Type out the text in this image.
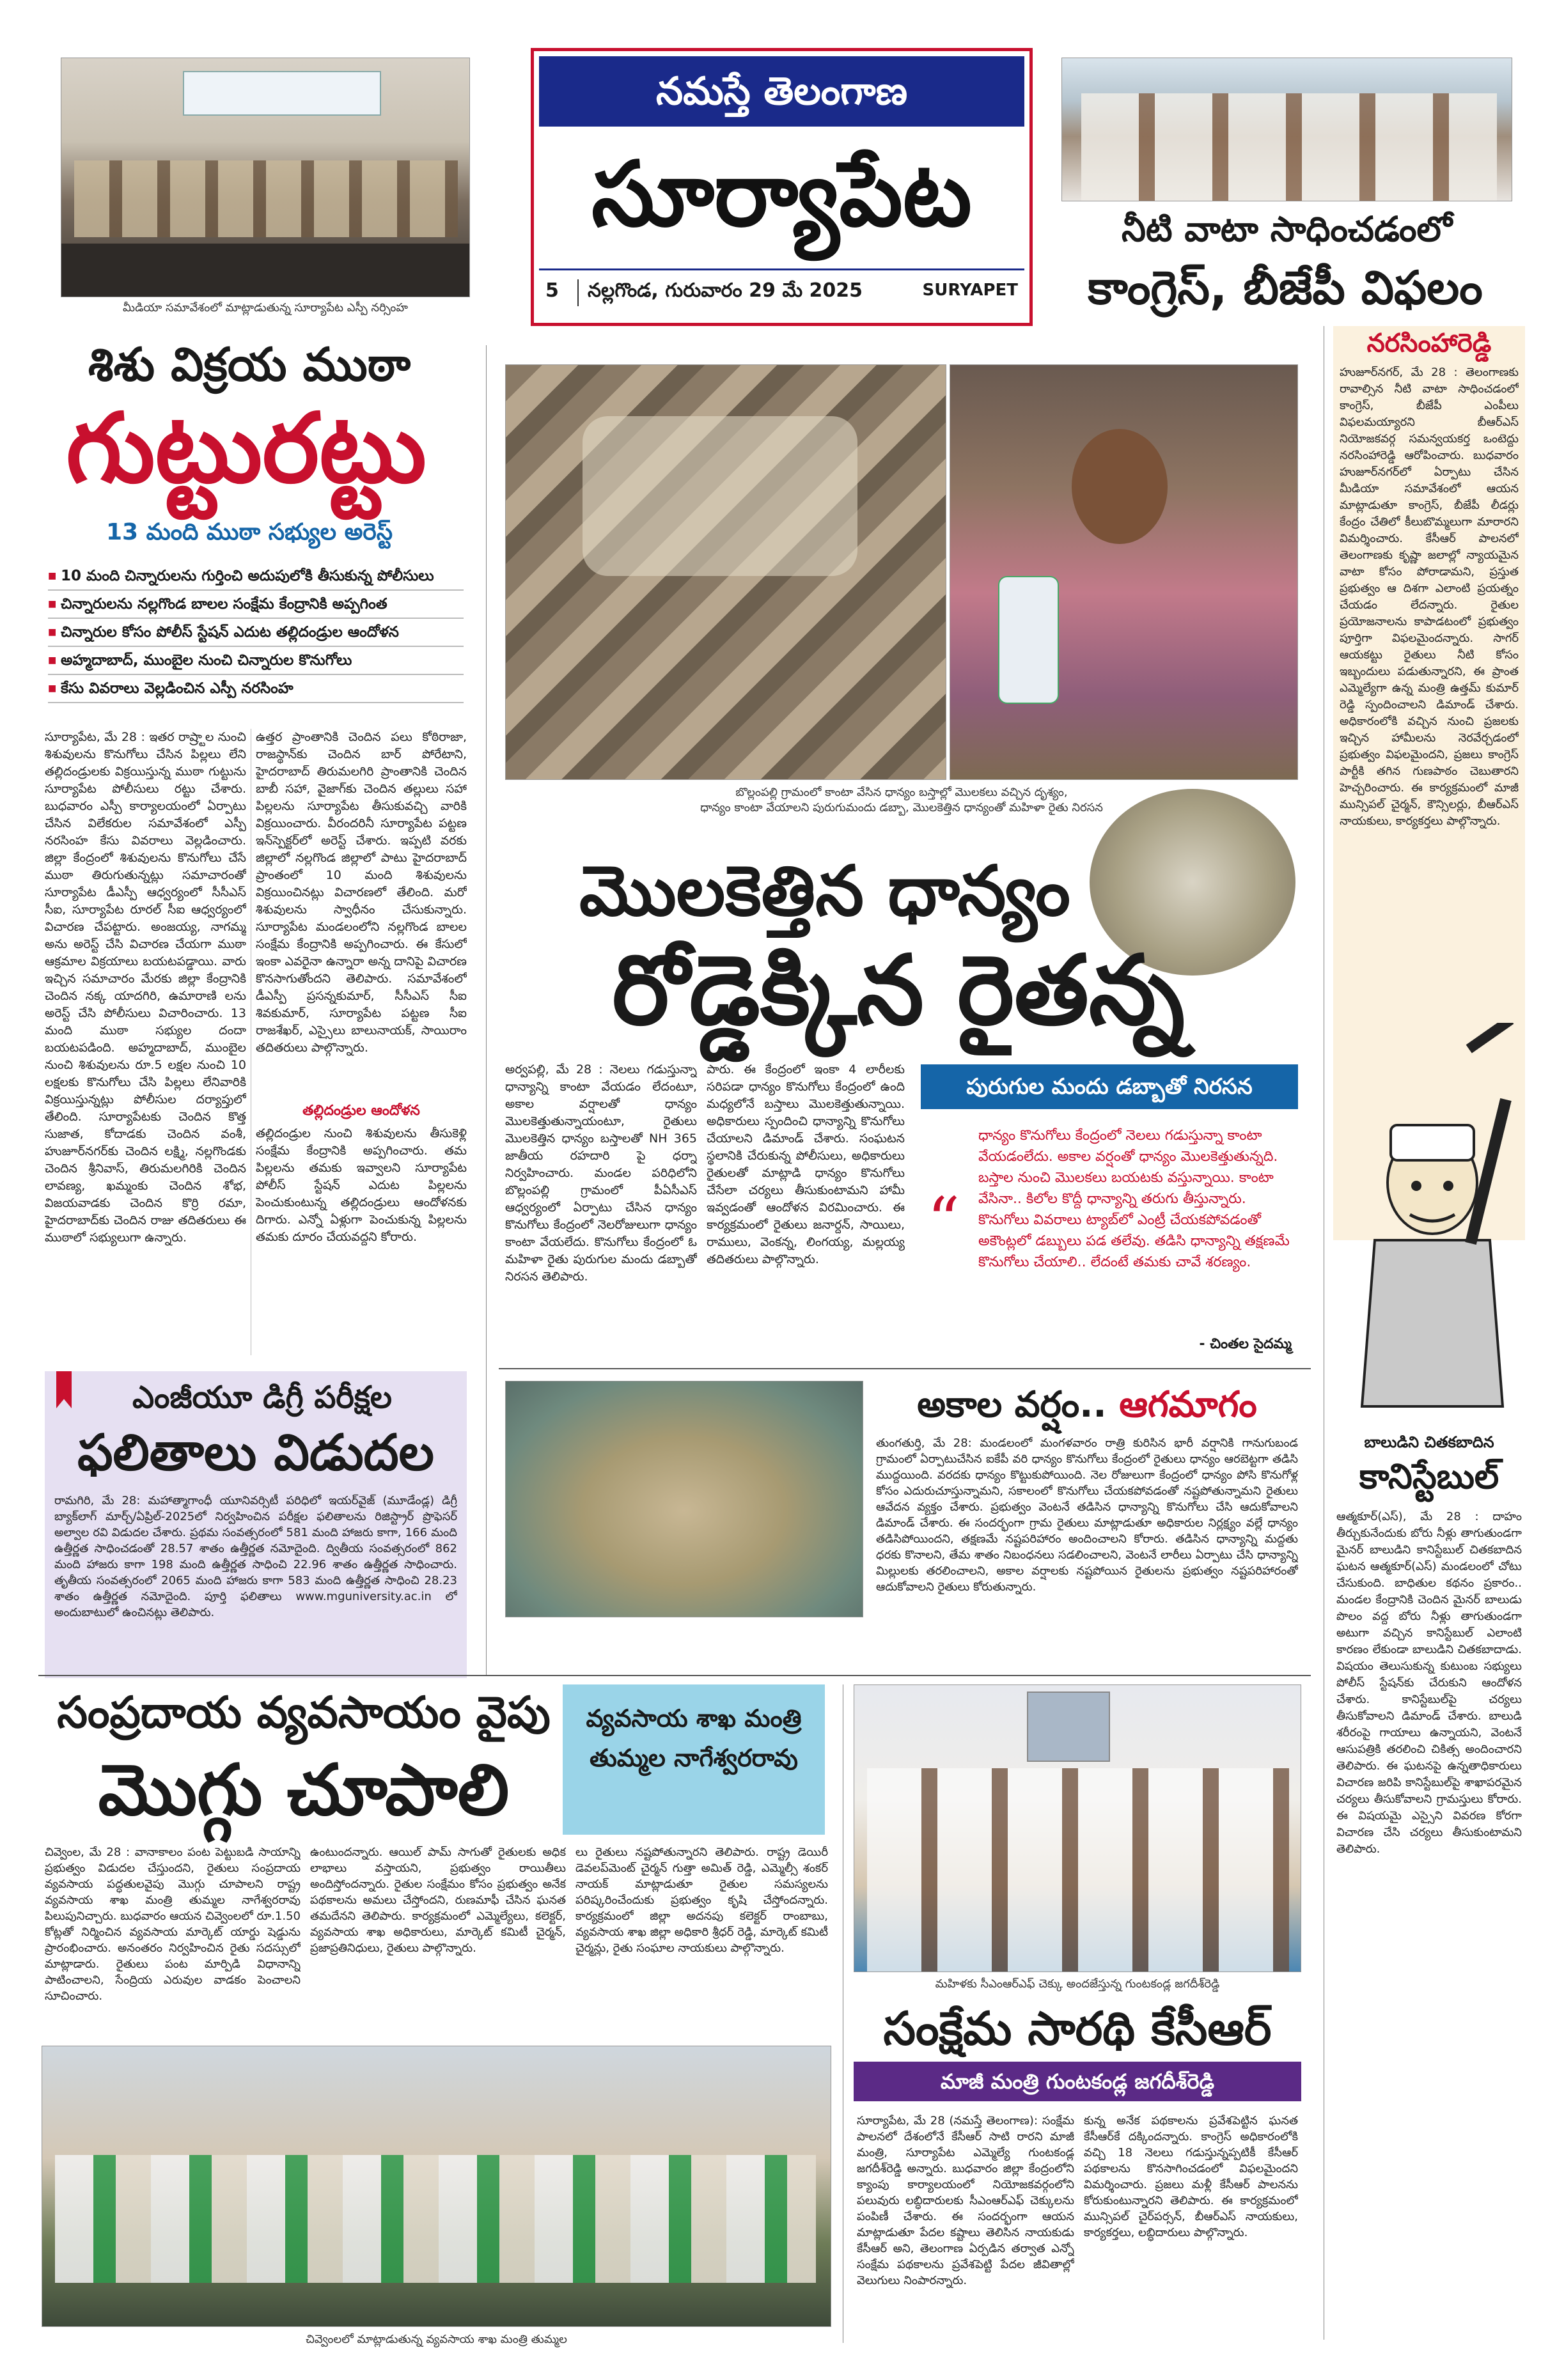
మీడియా సమావేశంలో మాట్లాడుతున్న సూర్యాపేట ఎస్పీ నర్సింహ
శిశు విక్రయ ముఠా
గుట్టురట్టు
13 మంది ముఠా సభ్యుల అరెస్ట్
■ 10 మంది చిన్నారులను గుర్తించి అదుపులోకి తీసుకున్న పోలీసులు
■ చిన్నారులను నల్లగొండ బాలల సంక్షేమ కేంద్రానికి అప్పగింత
■ చిన్నారుల కోసం పోలీస్ స్టేషన్ ఎదుట తల్లిదండ్రుల ఆందోళన
■ అహ్మదాబాద్, ముంబైల నుంచి చిన్నారుల కొనుగోలు
■ కేసు వివరాలు వెల్లడించిన ఎస్పీ నరసింహ
సూర్యాపేట, మే 28 : ఇతర రాష్ర్టాల నుంచి శిశువులను కొనుగోలు చేసిన పిల్లలు లేని తల్లిదండ్రులకు విక్రయిస్తున్న ముఠా గుట్టును సూర్యాపేట పోలీసులు రట్టు చేశారు. బుధవారం ఎస్పీ కార్యాలయంలో ఏర్పాటు చేసిన విలేకరుల సమావేశంలో ఎస్పీ నరసింహ కేసు వివరాలు వెల్లడించారు. జిల్లా కేంద్రంలో శిశువులను కొనుగోలు చేసే ముఠా తిరుగుతున్నట్లు సమాచారంతో సూర్యాపేట డీఎస్పీ ఆధ్వర్యంలో సీసీఎస్ సీఐ, సూర్యాపేట రూరల్ సీఐ ఆధ్వర్యంలో విచారణ చేపట్టారు. అంజయ్య, నాగమ్మ అను అరెస్ట్ చేసి విచారణ చేయగా ముఠా ఆక్రమాల విక్రయాలు బయటపడ్డాయి. వారు ఇచ్చిన సమాచారం మేరకు జిల్లా కేంద్రానికి చెందిన నక్క యాదగిరి, ఉమారాణి లను అరెస్ట్ చేసి పోలీసులు విచారించారు. 13 మంది ముఠా సభ్యుల దందా బయటపడింది. అహ్మదాబాద్, ముంబైల నుంచి శిశువులను రూ.5 లక్షల నుంచి 10 లక్షలకు కొనుగోలు చేసి పిల్లలు లేనివారికి విక్రయిస్తున్నట్లు పోలీసుల దర్యాప్తులో తేలింది. సూర్యాపేటకు చెందిన కొత్త సుజాత, కోదాడకు చెందిన వంశీ, హుజూర్‌నగర్‌కు చెందిన లక్ష్మి, నల్లగొండకు చెందిన శ్రీనివాస్, తిరుమలగిరికి చెందిన లావణ్య, ఖమ్మంకు చెందిన శోభ, విజయవాడకు చెందిన కొర్రి రమా, హైదరాబాద్‌కు చెందిన రాజు తదితరులు ఈ ముఠాలో సభ్యులుగా ఉన్నారు.
ఉత్తర ప్రాంతానికి చెందిన పలు కోఠిరాజా, రాజస్థాన్‌కు చెందిన బార్ పోరేటాని, హైదరాబాద్ తిరుమలగిరి ప్రాంతానికి చెందిన బాబీ సహా, వైజాగ్‌కు చెందిన తల్లులు సహా పిల్లలను సూర్యాపేట తీసుకువచ్చి వారికి విక్రయించారు. వీరందరినీ సూర్యాపేట పట్టణ ఇన్‌స్పెక్టర్‌లో అరెస్ట్ చేశారు. ఇప్పటి వరకు జిల్లాలో నల్లగొండ జిల్లాలో పాటు హైదరాబాద్ ప్రాంతంలో 10 మంది శిశువులను విక్రయించినట్లు విచారణలో తేలింది. మరో శిశువులను స్వాధీనం చేసుకున్నారు. సూర్యాపేట మండలంలోని నల్లగొండ బాలల సంక్షేమ కేంద్రానికి అప్పగించారు. ఈ కేసులో ఇంకా ఎవరైనా ఉన్నారా అన్న దానిపై విచారణ కొనసాగుతోందని తెలిపారు. సమావేశంలో డీఎస్పీ ప్రసన్నకుమార్, సీసీఎస్ సీఐ శివకుమార్, సూర్యాపేట పట్టణ సీఐ రాజశేఖర్, ఎస్సైలు బాలునాయక్, సాయిరాం తదితరులు పాల్గొన్నారు.
తల్లిదండ్రుల ఆందోళన
తల్లిదండ్రుల నుంచి శిశువులను తీసుకెళ్లి సంక్షేమ కేంద్రానికి అప్పగించారు. తమ పిల్లలను తమకు ఇవ్వాలని సూర్యాపేట పోలీస్ స్టేషన్ ఎదుట పిల్లలను పెంచుకుంటున్న తల్లిదండ్రులు ఆందోళనకు దిగారు. ఎన్నో ఏళ్లుగా పెంచుకున్న పిల్లలను తమకు దూరం చేయవద్దని కోరారు.
నమస్తే తెలంగాణ
సూర్యాపేట
5	నల్లగొండ, గురువారం 29 మే 2025	SURYAPET
నీటి వాటా సాధించడంలో
కాంగ్రెస్, బీజేపీ విఫలం
నరసింహారెడ్డి
హుజూర్‌నగర్, మే 28 : తెలంగాణకు రావాల్సిన నీటి వాటా సాధించడంలో కాంగ్రెస్, బీజేపీ ఎంపీలు విఫలమయ్యారని బీఆర్ఎస్ నియోజకవర్గ సమన్వయకర్త ఒంటెద్దు నరసింహారెడ్డి ఆరోపించారు. బుధవారం హుజూర్‌నగర్‌లో ఏర్పాటు చేసిన మీడియా సమావేశంలో ఆయన మాట్లాడుతూ కాంగ్రెస్, బీజేపీ లీడర్లు కేంద్రం చేతిలో కీలుబొమ్మలుగా మారారని విమర్శించారు. కేసీఆర్ పాలనలో తెలంగాణకు కృష్ణా జలాల్లో న్యాయమైన వాటా కోసం పోరాడామని, ప్రస్తుత ప్రభుత్వం ఆ దిశగా ఎలాంటి ప్రయత్నం చేయడం లేదన్నారు. రైతుల ప్రయోజనాలను కాపాడటంలో ప్రభుత్వం పూర్తిగా విఫలమైందన్నారు. సాగర్ ఆయకట్టు రైతులు నీటి కోసం ఇబ్బందులు పడుతున్నారని, ఈ ప్రాంత ఎమ్మెల్యేగా ఉన్న మంత్రి ఉత్తమ్ కుమార్ రెడ్డి స్పందించాలని డిమాండ్ చేశారు. అధికారంలోకి వచ్చిన నుంచి ప్రజలకు ఇచ్చిన హామీలను నెరవేర్చడంలో ప్రభుత్వం విఫలమైందని, ప్రజలు కాంగ్రెస్ పార్టీకి తగిన గుణపాఠం చెబుతారని హెచ్చరించారు. ఈ కార్యక్రమంలో మాజీ మున్సిపల్ చైర్మన్, కౌన్సిలర్లు, బీఆర్ఎస్ నాయకులు, కార్యకర్తలు పాల్గొన్నారు.
బాలుడిని చితకబాదిన
కానిస్టేబుల్
ఆత్మకూర్(ఎస్), మే 28 : దాహం తీర్చుకునేందుకు బోరు నీళ్లు తాగుతుండగా మైనర్ బాలుడిని కానిస్టేబుల్ చితకబాదిన ఘటన ఆత్మకూర్(ఎస్) మండలంలో చోటు చేసుకుంది. బాధితుల కథనం ప్రకారం.. మండల కేంద్రానికి చెందిన మైనర్ బాలుడు పొలం వద్ద బోరు నీళ్లు తాగుతుండగా అటుగా వచ్చిన కానిస్టేబుల్ ఎలాంటి కారణం లేకుండా బాలుడిని చితకబాదాడు. విషయం తెలుసుకున్న కుటుంబ సభ్యులు పోలీస్ స్టేషన్‌కు చేరుకుని ఆందోళన చేశారు. కానిస్టేబుల్‌పై చర్యలు తీసుకోవాలని డిమాండ్ చేశారు. బాలుడి శరీరంపై గాయాలు ఉన్నాయని, వెంటనే ఆసుపత్రికి తరలించి చికిత్స అందించారని తెలిపారు. ఈ ఘటనపై ఉన్నతాధికారులు విచారణ జరిపి కానిస్టేబుల్‌పై శాఖాపరమైన చర్యలు తీసుకోవాలని గ్రామస్తులు కోరారు. ఈ విషయమై ఎస్సైని వివరణ కోరగా విచారణ చేసి చర్యలు తీసుకుంటామని తెలిపారు.
బొల్లంపల్లి గ్రామంలో కాంటా వేసిన ధాన్యం బస్తాల్లో మొలకలు వచ్చిన దృశ్యం,
ధాన్యం కాంటా వేయాలని పురుగుమందు డబ్బా, మొలకెత్తిన ధాన్యంతో మహిళా రైతు నిరసన
మొలకెత్తిన ధాన్యం
రోడ్డెక్కిన రైతన్న
అర్వపల్లి, మే 28 : నెలలు గడుస్తున్నా ధాన్యాన్ని కాంటా వేయడం లేదంటూ, అకాల వర్షాలతో ధాన్యం మొలకెత్తుతున్నాయంటూ, రైతులు మొలకెత్తిన ధాన్యం బస్తాలతో NH 365 జాతీయ రహదారి పై ధర్నా నిర్వహించారు. మండల పరిధిలోని బొల్లంపల్లి గ్రామంలో పీఏసీఎస్ ఆధ్వర్యంలో ఏర్పాటు చేసిన ధాన్యం కొనుగోలు కేంద్రంలో నెలరోజులుగా ధాన్యం కాంటా వేయలేదు. కొనుగోలు కేంద్రంలో ఓ మహిళా రైతు పురుగుల మందు డబ్బాతో నిరసన తెలిపారు.
పారు. ఈ కేంద్రంలో ఇంకా 4 లారీలకు సరిపడా ధాన్యం కొనుగోలు కేంద్రంలో ఉంది మధ్యలోనే బస్తాలు మొలకెత్తుతున్నాయి. అధికారులు స్పందించి ధాన్యాన్ని కొనుగోలు చేయాలని డిమాండ్ చేశారు. సంఘటన స్థలానికి చేరుకున్న పోలీసులు, అధికారులు రైతులతో మాట్లాడి ధాన్యం కొనుగోలు చేసేలా చర్యలు తీసుకుంటామని హామీ ఇవ్వడంతో ఆందోళన విరమించారు. ఈ కార్యక్రమంలో రైతులు జనార్దన్, సాయిలు, రాములు, వెంకన్న, లింగయ్య, మల్లయ్య తదితరులు పాల్గొన్నారు.
పురుగుల మందు డబ్బాతో నిరసన
“
ధాన్యం కొనుగోలు కేంద్రంలో నెలలు గడుస్తున్నా కాంటా వేయడంలేదు. అకాల వర్షంతో ధాన్యం మొలకెత్తుతున్నది. బస్తాల నుంచి మొలకలు బయటకు వస్తున్నాయి. కాంటా వేసినా.. కిలోల కొద్దీ ధాన్యాన్ని తరుగు తీస్తున్నారు. కొనుగోలు వివరాలు ట్యాబ్‌లో ఎంట్రీ చేయకపోవడంతో అకౌంట్లలో డబ్బులు పడ తలేవు. తడిసి ధాన్యాన్ని తక్షణమే కొనుగోలు చేయాలి.. లేదంటే తమకు చావే శరణ్యం.
- చింతల సైదమ్మ
ఎంజీయూ డిగ్రీ పరీక్షల
ఫలితాలు విడుదల
రామగిరి, మే 28: మహాత్మాగాంధీ యూనివర్సిటీ పరిధిలో ఇయర్‌వైజ్ (మూడేండ్ల) డిగ్రీ బ్యాక్‌లాగ్ మార్చ్/ఏప్రిల్-2025లో నిర్వహించిన పరీక్షల ఫలితాలను రిజిస్ట్రార్ ప్రొఫెసర్ అల్వాల రవి విడుదల చేశారు. ప్రథమ సంవత్సరంలో 581 మంది హాజరు కాగా, 166 మంది ఉత్తీర్ణత సాధించడంతో 28.57 శాతం ఉత్తీర్ణత నమోదైంది. ద్వితీయ సంవత్సరంలో 862 మంది హాజరు కాగా 198 మంది ఉత్తీర్ణత సాధించి 22.96 శాతం ఉత్తీర్ణత సాధించారు. తృతీయ సంవత్సరంలో 2065 మంది హాజరు కాగా 583 మంది ఉత్తీర్ణత సాధించి 28.23 శాతం ఉత్తీర్ణత నమోదైంది. పూర్తి ఫలితాలు www.mguniversity.ac.in లో అందుబాటులో ఉంచినట్లు తెలిపారు.
అకాల వర్షం.. ఆగమాగం
తుంగతుర్తి, మే 28: మండలంలో మంగళవారం రాత్రి కురిసిన భారీ వర్షానికి గానుగుబండ గ్రామంలో ఏర్పాటుచేసిన ఐకేపీ వరి ధాన్యం కొనుగోలు కేంద్రంలో రైతులు ధాన్యం ఆరబెట్టగా తడిసి ముద్దయింది. వరదకు ధాన్యం కొట్టుకుపోయింది. నెల రోజులుగా కేంద్రంలో ధాన్యం పోసి కొనుగోళ్ల కోసం ఎదురుచూస్తున్నామని, సకాలంలో కొనుగోలు చేయకపోవడంతో నష్టపోతున్నామని రైతులు ఆవేదన వ్యక్తం చేశారు. ప్రభుత్వం వెంటనే తడిసిన ధాన్యాన్ని కొనుగోలు చేసి ఆదుకోవాలని డిమాండ్ చేశారు. ఈ సందర్భంగా గ్రామ రైతులు మాట్లాడుతూ అధికారుల నిర్లక్ష్యం వల్లే ధాన్యం తడిసిపోయిందని, తక్షణమే నష్టపరిహారం అందించాలని కోరారు. తడిసిన ధాన్యాన్ని మద్దతు ధరకు కొనాలని, తేమ శాతం నిబంధనలు సడలించాలని, వెంటనే లారీలు ఏర్పాటు చేసి ధాన్యాన్ని మిల్లులకు తరలించాలని, అకాల వర్షాలకు నష్టపోయిన రైతులను ప్రభుత్వం నష్టపరిహారంతో ఆదుకోవాలని రైతులు కోరుతున్నారు.
సంప్రదాయ వ్యవసాయం వైపు
మొగ్గు చూపాలి
వ్యవసాయ శాఖ మంత్రి తుమ్మల నాగేశ్వరరావు
చివ్వెంల, మే 28 : వానాకాలం పంట పెట్టుబడి సాయాన్ని ప్రభుత్వం విడుదల చేస్తుందని, రైతులు సంప్రదాయ వ్యవసాయ పద్ధతులవైపు మొగ్గు చూపాలని రాష్ట్ర వ్యవసాయ శాఖ మంత్రి తుమ్మల నాగేశ్వరరావు పిలుపునిచ్చారు. బుధవారం ఆయన చివ్వెంలలో రూ.1.50 కోట్లతో నిర్మించిన వ్యవసాయ మార్కెట్ యార్డు షెడ్డును ప్రారంభించారు. అనంతరం నిర్వహించిన రైతు సదస్సులో మాట్లాడారు. రైతులు పంట మార్పిడి విధానాన్ని పాటించాలని, సేంద్రియ ఎరువుల వాడకం పెంచాలని సూచించారు.
ఉంటుందన్నారు. ఆయిల్ పామ్ సాగుతో రైతులకు అధిక లాభాలు వస్తాయని, ప్రభుత్వం రాయితీలు అందిస్తోందన్నారు. రైతుల సంక్షేమం కోసం ప్రభుత్వం అనేక పథకాలను అమలు చేస్తోందని, రుణమాఫీ చేసిన ఘనత తమదేనని తెలిపారు. కార్యక్రమంలో ఎమ్మెల్యేలు, కలెక్టర్, వ్యవసాయ శాఖ అధికారులు, మార్కెట్ కమిటీ చైర్మన్, ప్రజాప్రతినిధులు, రైతులు పాల్గొన్నారు.
లు రైతులు నష్టపోతున్నారని తెలిపారు. రాష్ట్ర డెయిరీ డెవలప్‌మెంట్ చైర్మన్ గుత్తా అమిత్ రెడ్డి, ఎమ్మెల్సీ శంకర్ నాయక్ మాట్లాడుతూ రైతుల సమస్యలను పరిష్కరించేందుకు ప్రభుత్వం కృషి చేస్తోందన్నారు. కార్యక్రమంలో జిల్లా అదనపు కలెక్టర్ రాంబాబు, వ్యవసాయ శాఖ జిల్లా అధికారి శ్రీధర్ రెడ్డి, మార్కెట్ కమిటీ చైర్మన్లు, రైతు సంఘాల నాయకులు పాల్గొన్నారు.
చివ్వెంలలో మాట్లాడుతున్న వ్యవసాయ శాఖ మంత్రి తుమ్మల
మహిళకు సీఎంఆర్‌ఎఫ్ చెక్కు అందజేస్తున్న గుంటకండ్ల జగదీశ్‌రెడ్డి
సంక్షేమ సారథి కేసీఆర్
మాజీ మంత్రి గుంటకండ్ల జగదీశ్‌రెడ్డి
సూర్యాపేట, మే 28 (నమస్తే తెలంగాణ): సంక్షేమ పాలనలో దేశంలోనే కేసీఆర్ సాటి రారని మాజీ మంత్రి, సూర్యాపేట ఎమ్మెల్యే గుంటకండ్ల జగదీశ్‌రెడ్డి అన్నారు. బుధవారం జిల్లా కేంద్రంలోని క్యాంపు కార్యాలయంలో నియోజకవర్గంలోని పలువురు లబ్ధిదారులకు సీఎంఆర్‌ఎఫ్ చెక్కులను పంపిణీ చేశారు. ఈ సందర్భంగా ఆయన మాట్లాడుతూ పేదల కష్టాలు తెలిసిన నాయకుడు కేసీఆర్ అని, తెలంగాణ ఏర్పడిన తర్వాత ఎన్నో సంక్షేమ పథకాలను ప్రవేశపెట్టి పేదల జీవితాల్లో వెలుగులు నింపారన్నారు.
కున్న అనేక పథకాలను ప్రవేశపెట్టిన ఘనత కేసీఆర్‌కే దక్కిందన్నారు. కాంగ్రెస్ అధికారంలోకి వచ్చి 18 నెలలు గడుస్తున్నప్పటికీ కేసీఆర్ పథకాలను కొనసాగించడంలో విఫలమైందని విమర్శించారు. ప్రజలు మళ్లీ కేసీఆర్ పాలనను కోరుకుంటున్నారని తెలిపారు. ఈ కార్యక్రమంలో మున్సిపల్ చైర్‌పర్సన్, బీఆర్ఎస్ నాయకులు, కార్యకర్తలు, లబ్ధిదారులు పాల్గొన్నారు.
